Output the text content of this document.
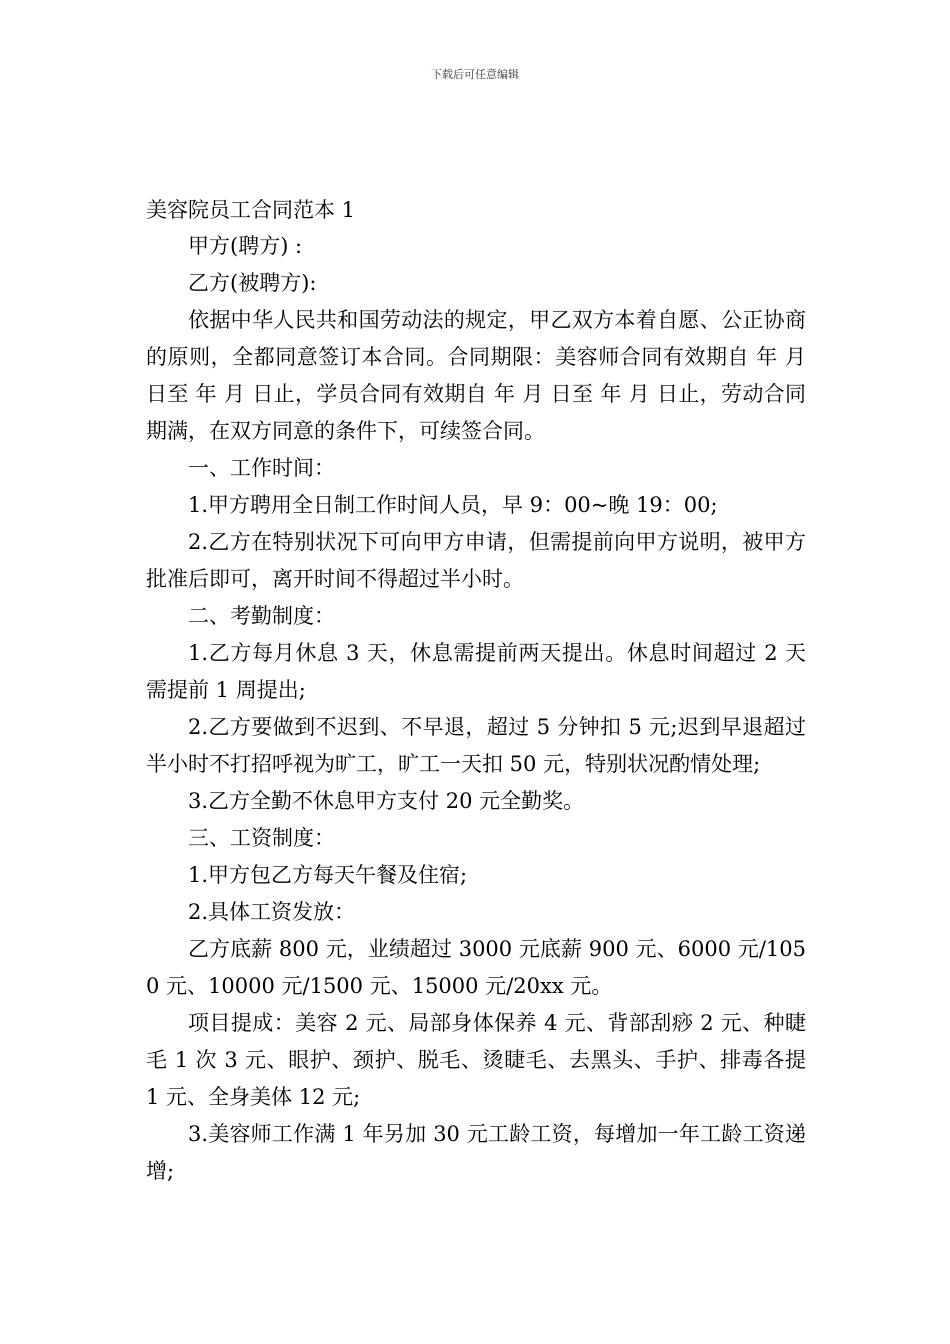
下载后可任意编辑
美容院员工合同范本 1

甲方(聘方) :

乙方(被聘方):

依据中华人民共和国劳动法的规定，甲乙双方本着自愿、公正协商的原则，全都同意签订本合同。合同期限：美容师合同有效期自 年 月 日至 年 月 日止，学员合同有效期自 年 月 日至 年 月 日止，劳动合同期满，在双方同意的条件下，可续签合同。

一、工作时间：

1.甲方聘用全日制工作时间人员，早 9：00~晚 19：00;

2.乙方在特别状况下可向甲方申请，但需提前向甲方说明，被甲方批准后即可，离开时间不得超过半小时。

二、考勤制度：

1.乙方每月休息 3 天，休息需提前两天提出。休息时间超过 2 天需提前 1 周提出;

2.乙方要做到不迟到、不早退，超过 5 分钟扣 5 元;迟到早退超过半小时不打招呼视为旷工，旷工一天扣 50 元，特别状况酌情处理;

3.乙方全勤不休息甲方支付 20 元全勤奖。

三、工资制度：

1.甲方包乙方每天午餐及住宿;

2.具体工资发放：

乙方底薪 800 元，业绩超过 3000 元底薪 900 元、6000 元/1050 元、10000 元/1500 元、15000 元/20xx 元。

项目提成：美容 2 元、局部身体保养 4 元、背部刮痧 2 元、种睫毛 1 次 3 元、眼护、颈护、脱毛、烫睫毛、去黑头、手护、排毒各提 1 元、全身美体 12 元;

3.美容师工作满 1 年另加 30 元工龄工资，每增加一年工龄工资递增;
